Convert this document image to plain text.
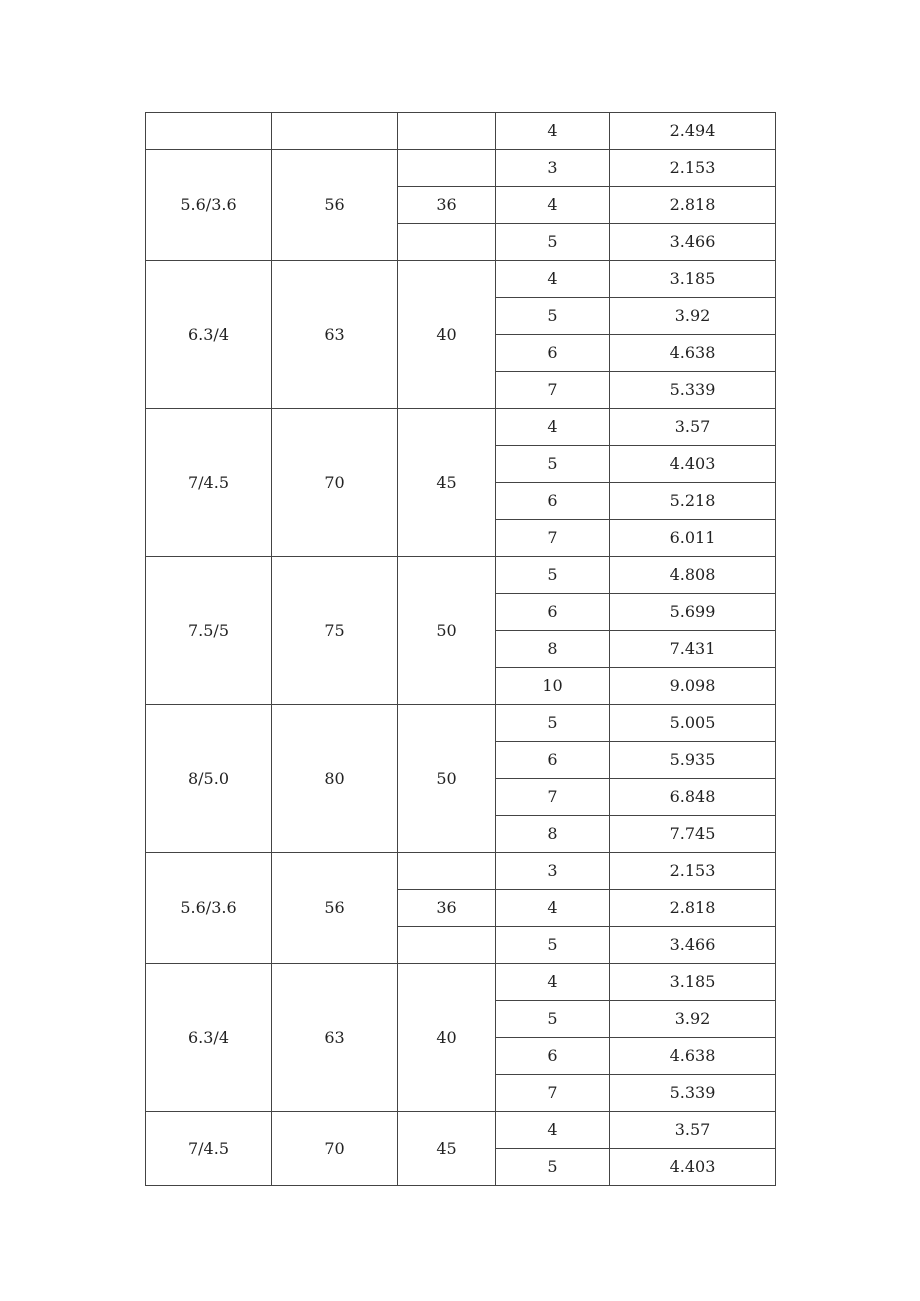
			4	2.494
5.6/3.6	56		3	2.153
		36	4	2.818
			5	3.466
6.3/4	63	40	4	3.185
			5	3.92
			6	4.638
			7	5.339
7/4.5	70	45	4	3.57
			5	4.403
			6	5.218
			7	6.011
7.5/5	75	50	5	4.808
			6	5.699
			8	7.431
			10	9.098
8/5.0	80	50	5	5.005
			6	5.935
			7	6.848
			8	7.745
5.6/3.6	56		3	2.153
		36	4	2.818
			5	3.466
6.3/4	63	40	4	3.185
			5	3.92
			6	4.638
			7	5.339
7/4.5	70	45	4	3.57
			5	4.403
